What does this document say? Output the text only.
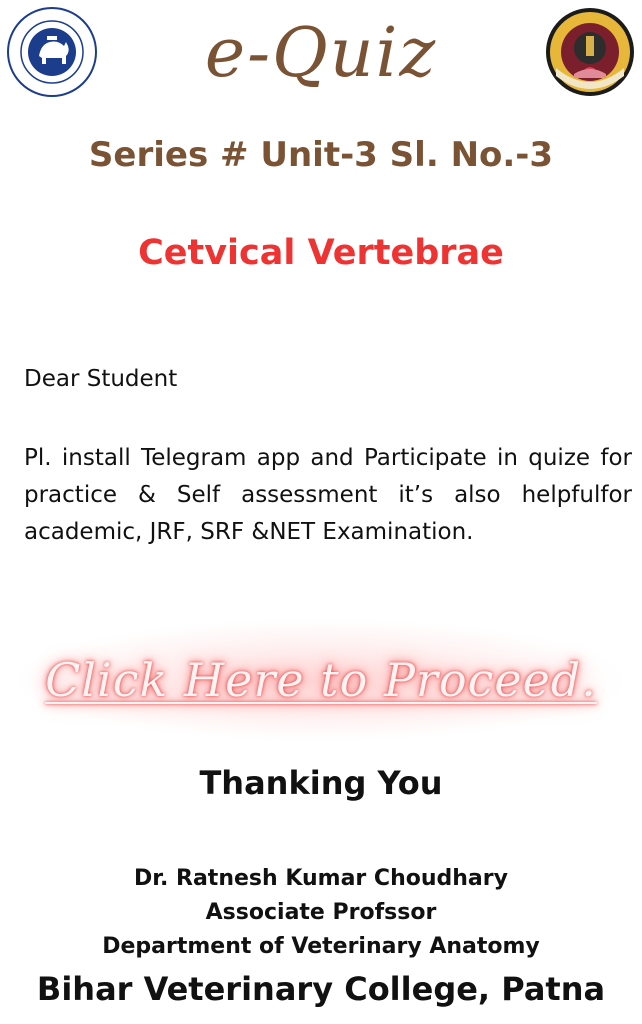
e-Quiz
Series # Unit-3 Sl. No.-3
Cetvical Vertebrae
Dear Student
Pl. install Telegram app and Participate in quize for practice & Self assessment it’s also helpfulfor academic, JRF, SRF &NET Examination.
Click Here to Proceed.
Thanking You
Dr. Ratnesh Kumar Choudhary
Associate Profssor
Department of Veterinary Anatomy
Bihar Veterinary College, Patna
